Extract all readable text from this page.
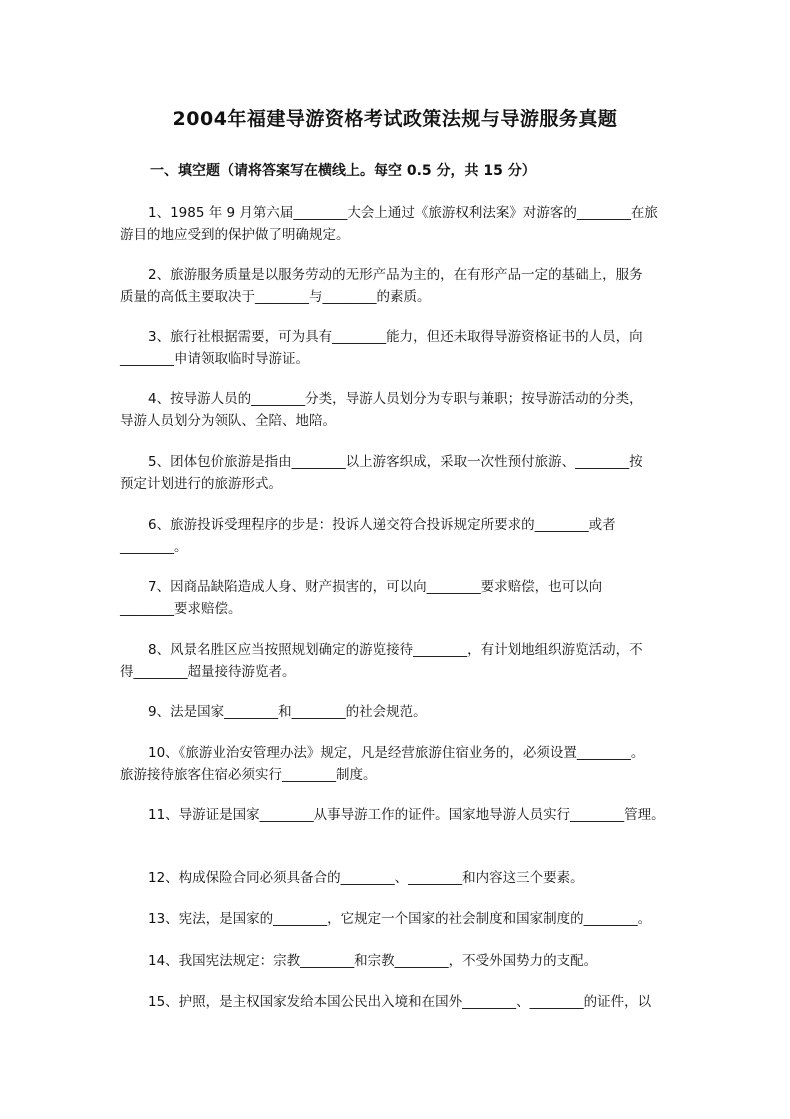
2004年福建导游资格考试政策法规与导游服务真题
一、填空题（请将答案写在横线上。每空 0.5 分，共 15 分）
1、1985 年 9 月第六届________大会上通过《旅游权利法案》对游客的________在旅
游目的地应受到的保护做了明确规定。
2、旅游服务质量是以服务劳动的无形产品为主的，在有形产品一定的基础上，服务
质量的高低主要取决于________与________的素质。
3、旅行社根据需要，可为具有________能力，但还未取得导游资格证书的人员，向
________申请领取临时导游证。
4、按导游人员的________分类，导游人员划分为专职与兼职；按导游活动的分类，
导游人员划分为领队、全陪、地陪。
5、团体包价旅游是指由________以上游客织成，采取一次性预付旅游、________按
预定计划进行的旅游形式。
6、旅游投诉受理程序的步是：投诉人递交符合投诉规定所要求的________或者
________。
7、因商品缺陷造成人身、财产损害的，可以向________要求赔偿，也可以向
________要求赔偿。
8、风景名胜区应当按照规划确定的游览接待________，有计划地组织游览活动，不
得________超量接待游览者。
9、法是国家________和________的社会规范。
10、《旅游业治安管理办法》规定，凡是经营旅游住宿业务的，必须设置________。
旅游接待旅客住宿必须实行________制度。
11、导游证是国家________从事导游工作的证件。国家地导游人员实行________管理。
12、构成保险合同必须具备合的________、________和内容这三个要素。
13、宪法，是国家的________，它规定一个国家的社会制度和国家制度的________。
14、我国宪法规定：宗教________和宗教________，不受外国势力的支配。
15、护照，是主权国家发给本国公民出入境和在国外________、________的证件，以
